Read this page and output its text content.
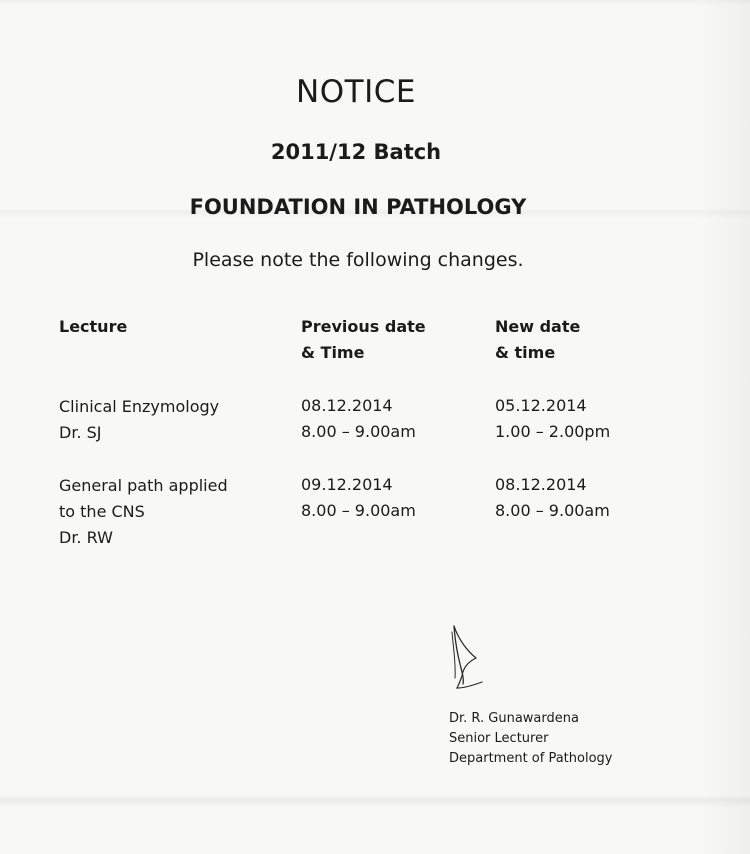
NOTICE
2011/12 Batch
FOUNDATION IN PATHOLOGY

Please note the following changes.

Lecture	Previous date
& Time
New date
& time
Clinical Enzymology
Dr. SJ
08.12.2014
8.00 – 9.00am
05.12.2014
1.00 – 2.00pm
General path applied
to the CNS
Dr. RW
09.12.2014
8.00 – 9.00am
08.12.2014
8.00 – 9.00am
Dr. R. Gunawardena
Senior Lecturer
Department of Pathology
